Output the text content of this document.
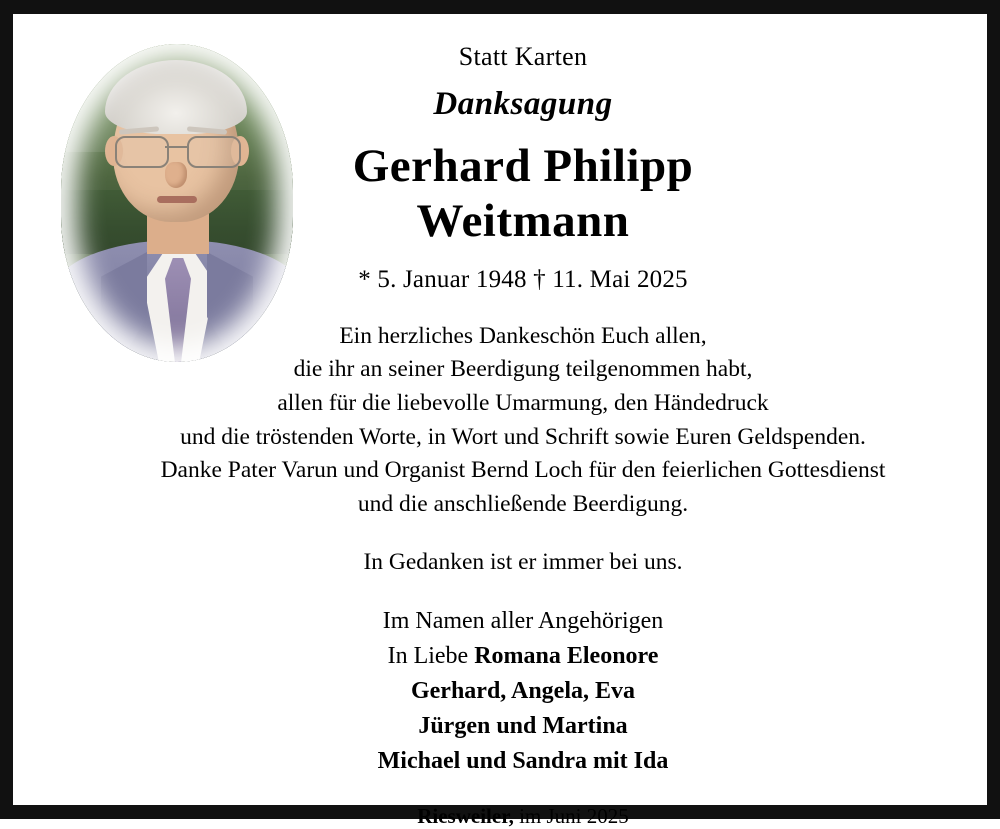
Statt Karten
Danksagung
Gerhard Philipp
Weitmann
* 5. Januar 1948 † 11. Mai 2025
Ein herzliches Dankeschön Euch allen,
die ihr an seiner Beerdigung teilgenommen habt,
allen für die liebevolle Umarmung, den Händedruck
und die tröstenden Worte, in Wort und Schrift sowie Euren Geldspenden.
Danke Pater Varun und Organist Bernd Loch für den feierlichen Gottesdienst
und die anschließende Beerdigung.
In Gedanken ist er immer bei uns.
Im Namen aller Angehörigen
In Liebe Romana Eleonore
Gerhard, Angela, Eva
Jürgen und Martina
Michael und Sandra mit Ida
Riesweiler, im Juni 2025
